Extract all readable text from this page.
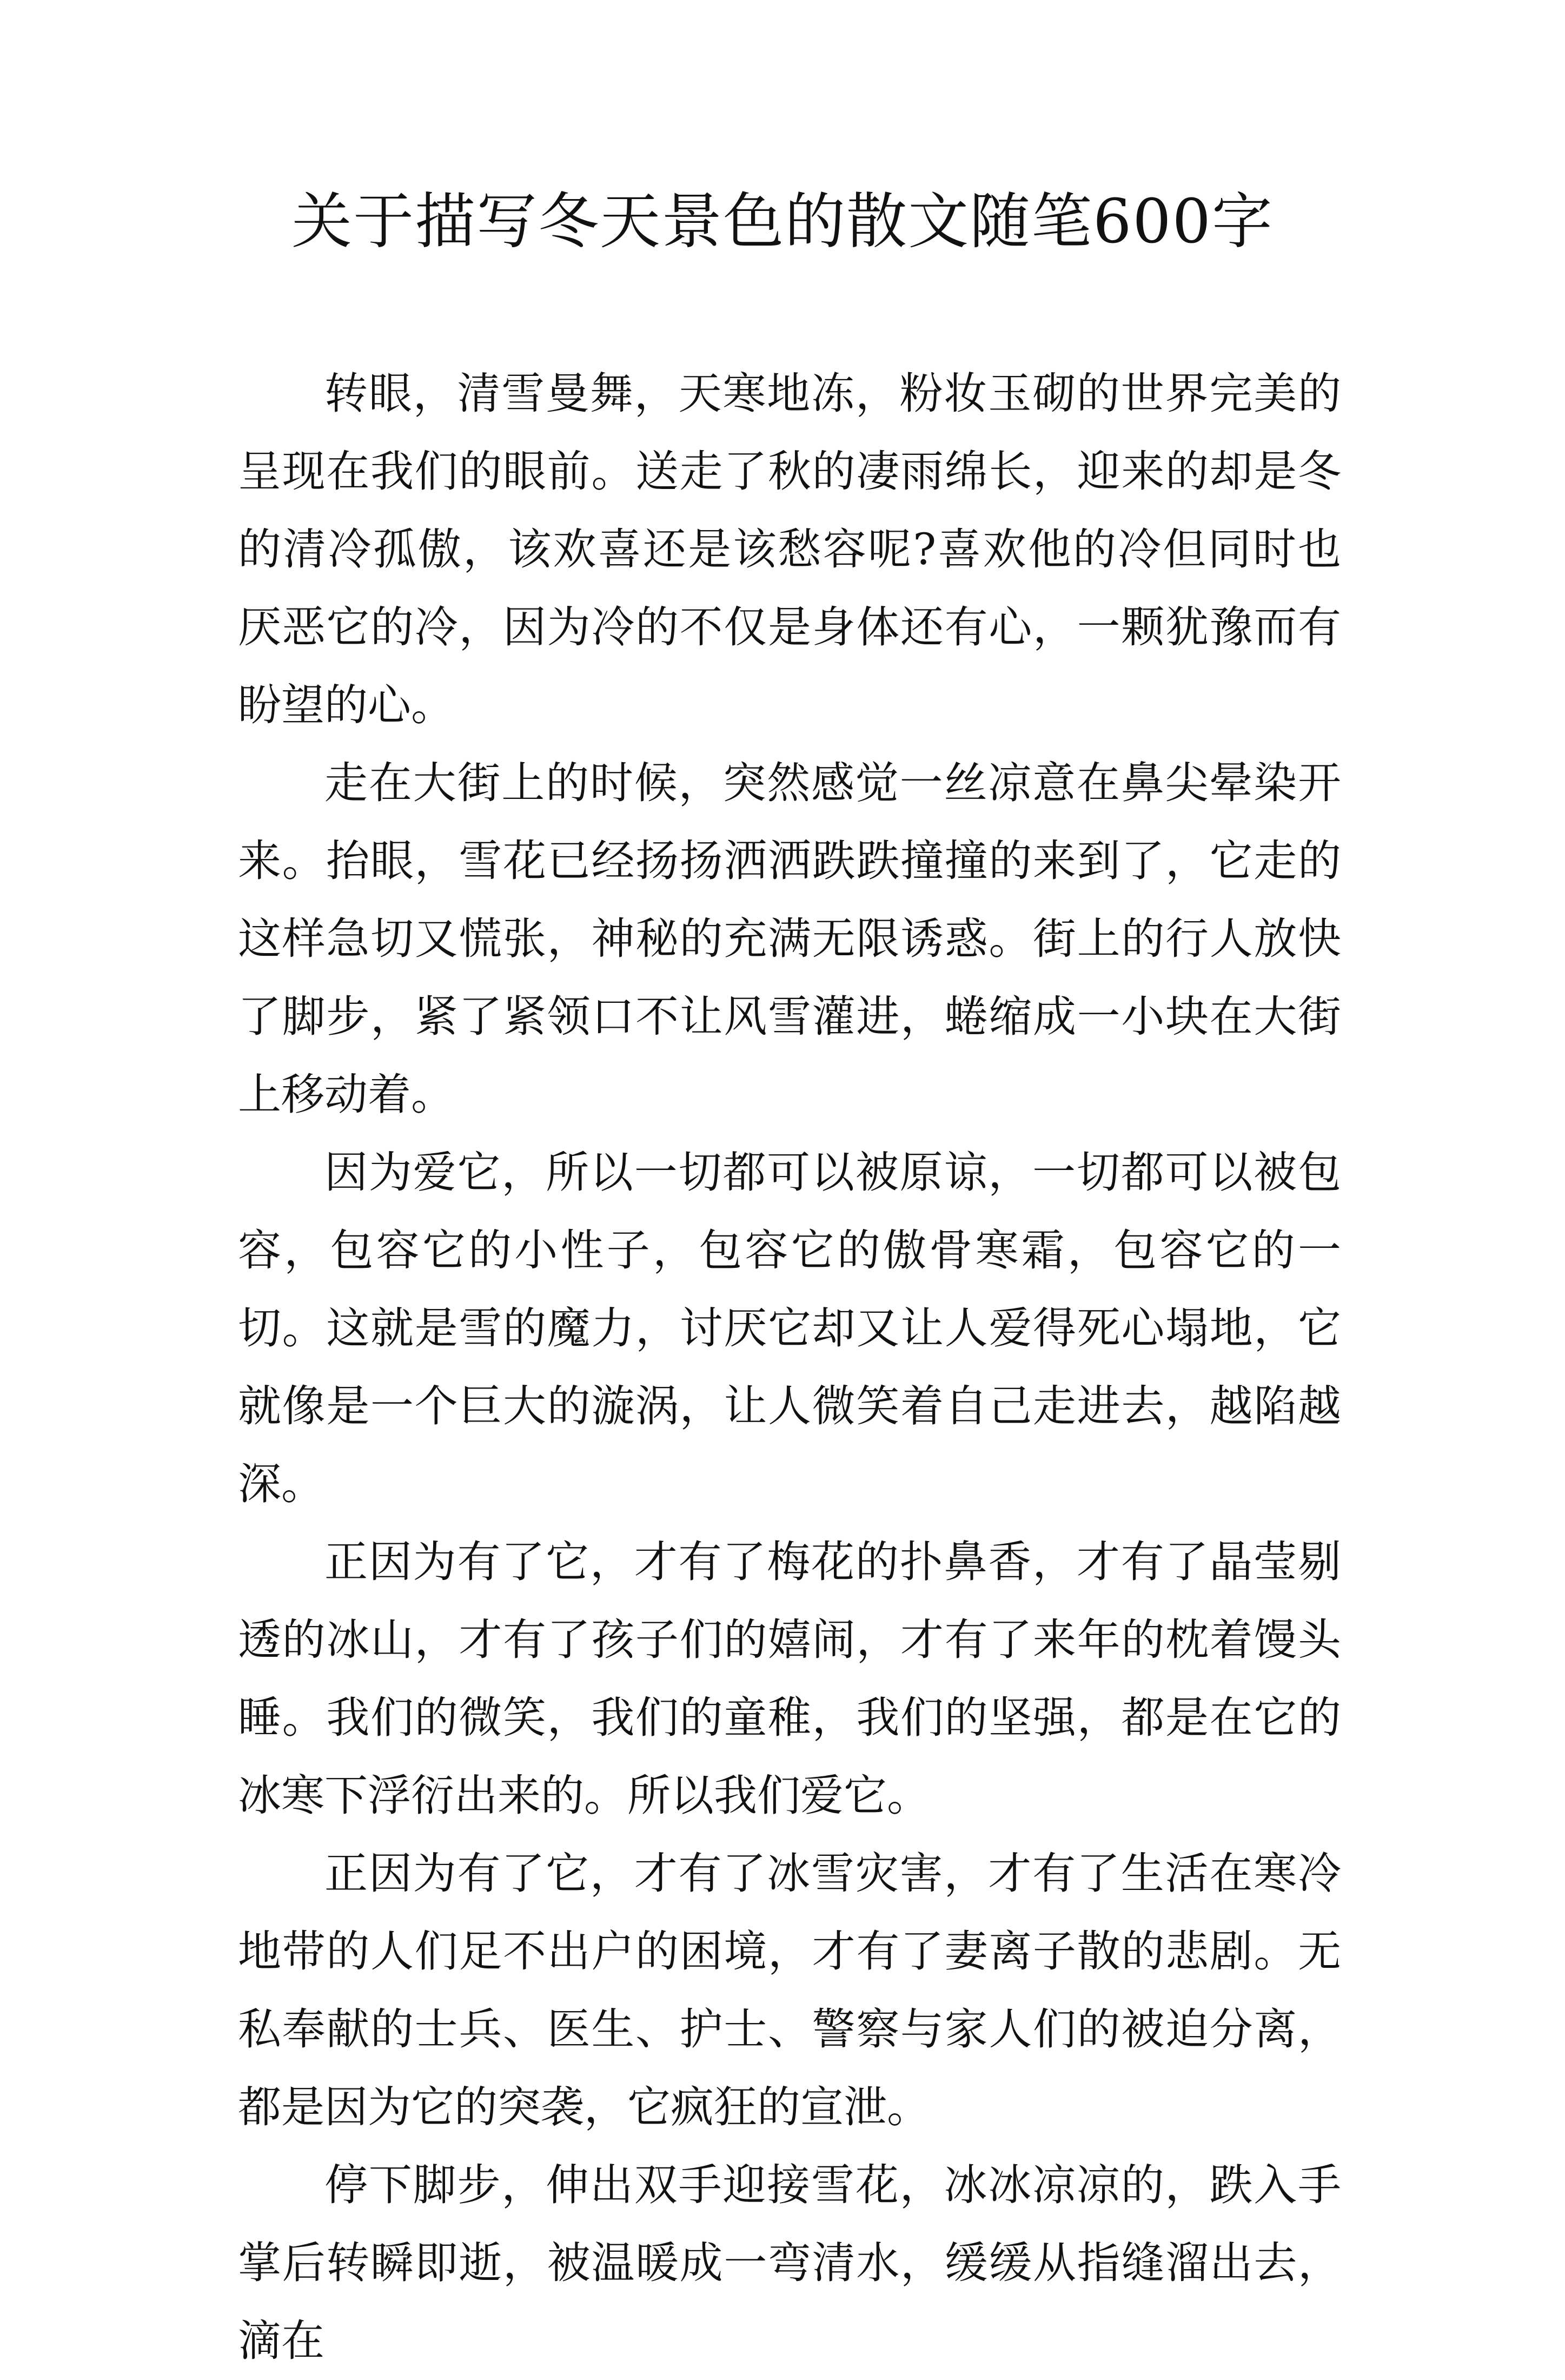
关于描写冬天景色的散文随笔600字

转眼，清雪曼舞，天寒地冻，粉妆玉砌的世界完美的呈现在我们的眼前。送走了秋的凄雨绵长，迎来的却是冬的清冷孤傲，该欢喜还是该愁容呢?喜欢他的冷但同时也厌恶它的冷，因为冷的不仅是身体还有心，一颗犹豫而有盼望的心。

走在大街上的时候，突然感觉一丝凉意在鼻尖晕染开来。抬眼，雪花已经扬扬洒洒跌跌撞撞的来到了，它走的这样急切又慌张，神秘的充满无限诱惑。街上的行人放快了脚步，紧了紧领口不让风雪灌进，蜷缩成一小块在大街上移动着。

因为爱它，所以一切都可以被原谅，一切都可以被包容，包容它的小性子，包容它的傲骨寒霜，包容它的一切。这就是雪的魔力，讨厌它却又让人爱得死心塌地，它就像是一个巨大的漩涡，让人微笑着自己走进去，越陷越深。

正因为有了它，才有了梅花的扑鼻香，才有了晶莹剔透的冰山，才有了孩子们的嬉闹，才有了来年的枕着馒头睡。我们的微笑，我们的童稚，我们的坚强，都是在它的冰寒下浮衍出来的。所以我们爱它。

正因为有了它，才有了冰雪灾害，才有了生活在寒冷地带的人们足不出户的困境，才有了妻离子散的悲剧。无私奉献的士兵、医生、护士、警察与家人们的被迫分离，都是因为它的突袭，它疯狂的宣泄。

停下脚步，伸出双手迎接雪花，冰冰凉凉的，跌入手掌后转瞬即逝，被温暖成一弯清水，缓缓从指缝溜出去，滴在
